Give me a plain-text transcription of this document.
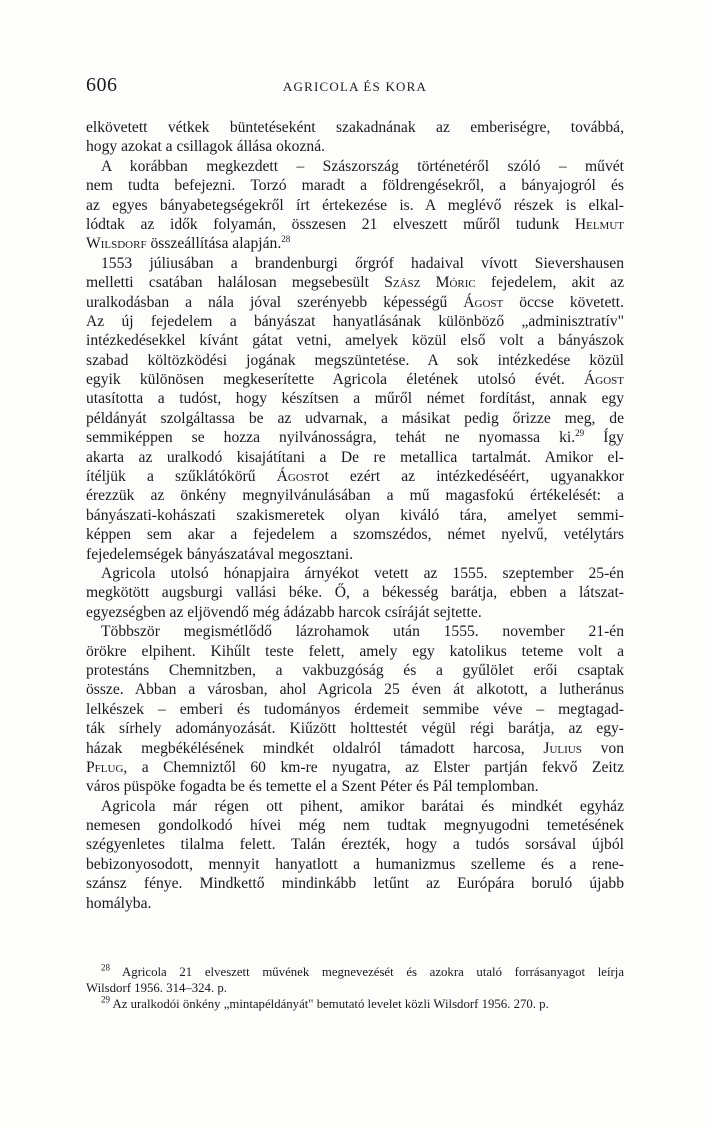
606	AGRICOLA ÉS KORA
elkövetett vétkek büntetéseként szakadnának az emberiségre, továbbá,
hogy azokat a csillagok állása okozná.
A korábban megkezdett – Szászország történetéről szóló – művét
nem tudta befejezni. Torzó maradt a földrengésekről, a bányajogról és
az egyes bányabetegségekről írt értekezése is. A meglévő részek is elkal-
lódtak az idők folyamán, összesen 21 elveszett műről tudunk Helmut
Wilsdorf összeállítása alapján.$^{28}$
1553 júliusában a brandenburgi őrgróf hadaival vívott Sievershausen
melletti csatában halálosan megsebesült Szász Móric fejedelem, akit az
uralkodásban a nála jóval szerényebb képességű Ágost öccse követett.
Az új fejedelem a bányászat hanyatlásának különböző „adminisztratív"
intézkedésekkel kívánt gátat vetni, amelyek közül első volt a bányászok
szabad költözködési jogának megszüntetése. A sok intézkedése közül
egyik különösen megkeserítette Agricola életének utolsó évét. Ágost
utasította a tudóst, hogy készítsen a műről német fordítást, annak egy
példányát szolgáltassa be az udvarnak, a másikat pedig őrizze meg, de
semmiképpen se hozza nyilvánosságra, tehát ne nyomassa ki.$^{29}$ Így
akarta az uralkodó kisajátítani a De re metallica tartalmát. Amikor el-
ítéljük a szűklátókörű Ágostot ezért az intézkedéséért, ugyanakkor
érezzük az önkény megnyilvánulásában a mű magasfokú értékelését: a
bányászati-kohászati szakismeretek olyan kiváló tára, amelyet semmi-
képpen sem akar a fejedelem a szomszédos, német nyelvű, vetélytárs
fejedelemségek bányászatával megosztani.
Agricola utolsó hónapjaira árnyékot vetett az 1555. szeptember 25-én
megkötött augsburgi vallási béke. Ő, a békesség barátja, ebben a látszat-
egyezségben az eljövendő még ádázabb harcok csíráját sejtette.
Többször megismétlődő lázrohamok után 1555. november 21-én
örökre elpihent. Kihűlt teste felett, amely egy katolikus teteme volt a
protestáns Chemnitzben, a vakbuzgóság és a gyűlölet erői csaptak
össze. Abban a városban, ahol Agricola 25 éven át alkotott, a lutheránus
lelkészek – emberi és tudományos érdemeit semmibe véve – megtagad-
ták sírhely adományozását. Kiűzött holttestét végül régi barátja, az egy-
házak megbékélésének mindkét oldalról támadott harcosa, Julius von
Pflug, a Chemniztől 60 km-re nyugatra, az Elster partján fekvő Zeitz
város püspöke fogadta be és temette el a Szent Péter és Pál templomban.
Agricola már régen ott pihent, amikor barátai és mindkét egyház
nemesen gondolkodó hívei még nem tudtak megnyugodni temetésének
szégyenletes tilalma felett. Talán érezték, hogy a tudós sorsával újból
bebizonyosodott, mennyit hanyatlott a humanizmus szelleme és a rene-
szánsz fénye. Mindkettő mindinkább letűnt az Európára boruló újabb
homályba.
$^{28}$ Agricola 21 elveszett művének megnevezését és azokra utaló forrásanyagot leírja
Wilsdorf 1956. 314–324. p.
$^{29}$ Az uralkodói önkény „mintapéldányát" bemutató levelet közli Wilsdorf 1956. 270. p.
